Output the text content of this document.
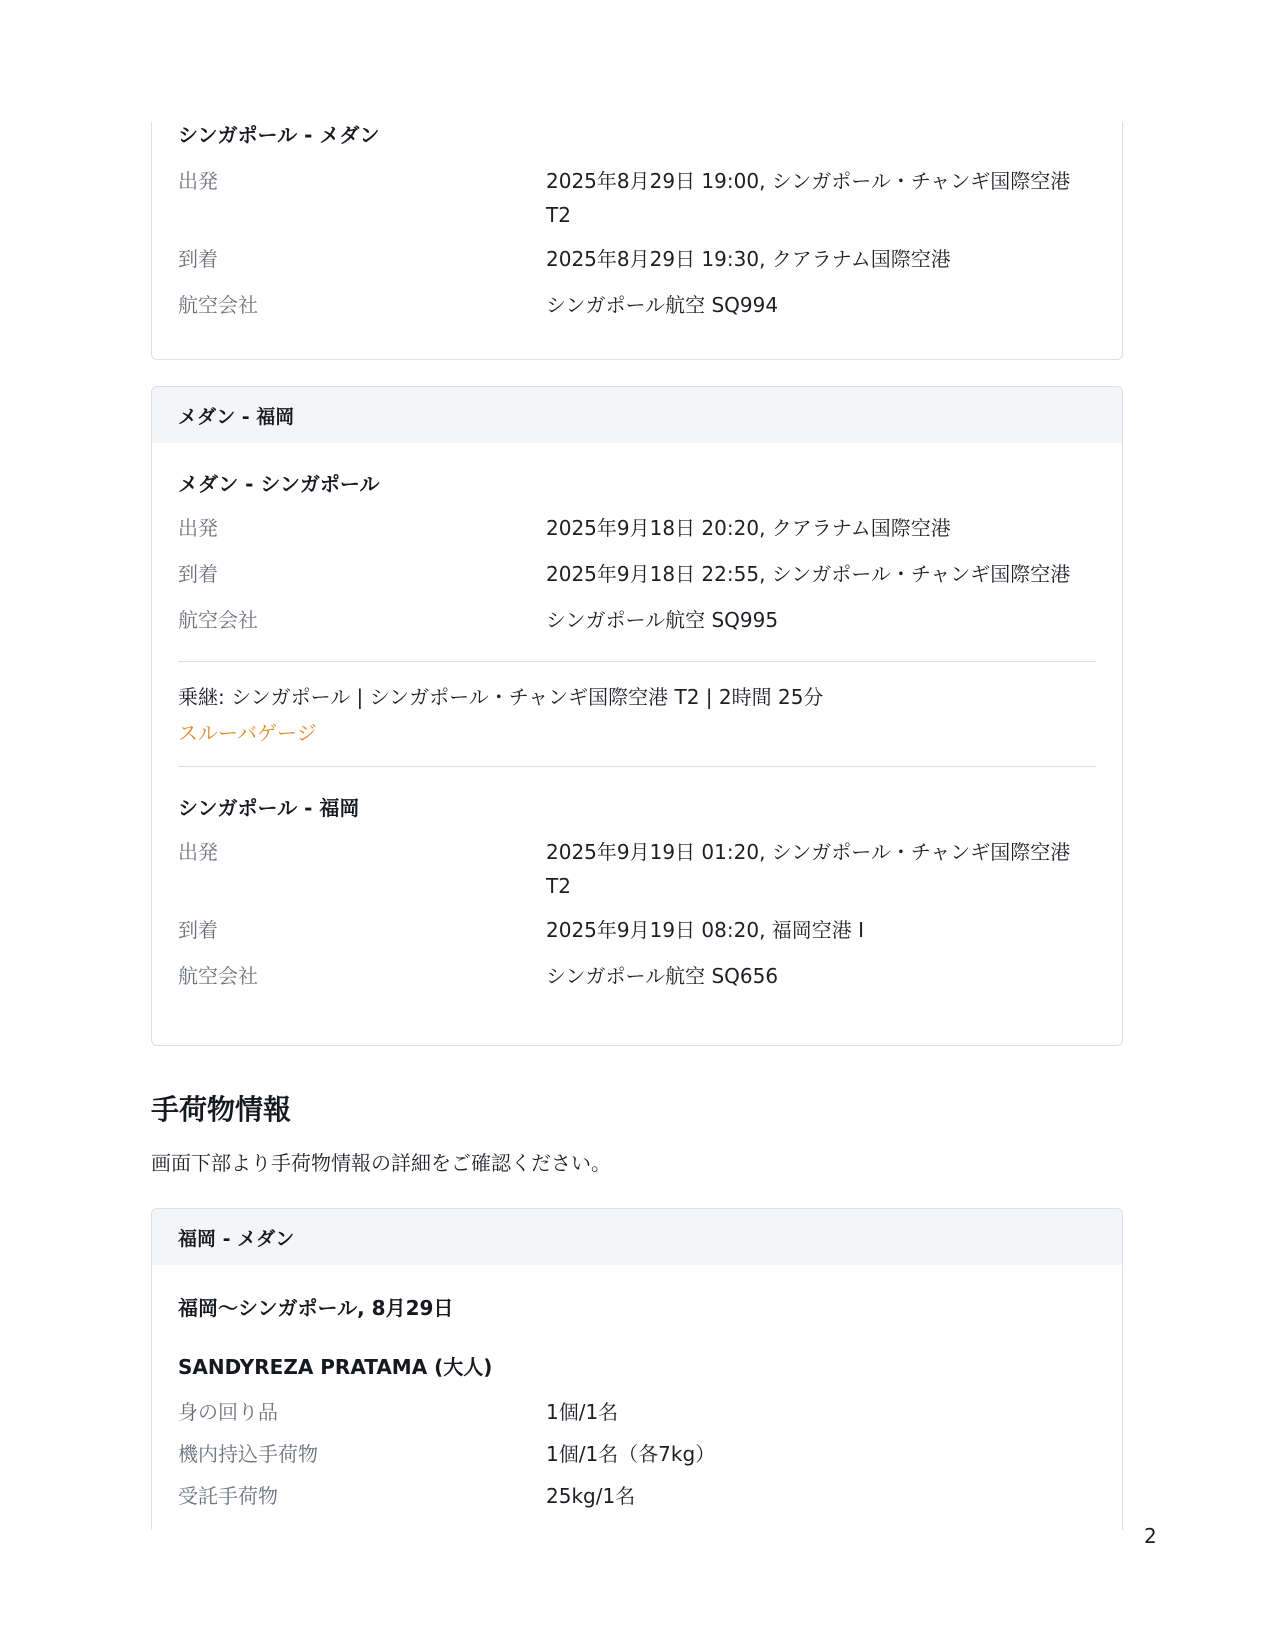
シンガポール - メダン
出発	2025年8月29日 19:00, シンガポール・チャンギ国際空港 T2
到着	2025年8月29日 19:30, クアラナム国際空港
航空会社	シンガポール航空 SQ994
メダン - 福岡
メダン - シンガポール
出発	2025年9月18日 20:20, クアラナム国際空港
到着	2025年9月18日 22:55, シンガポール・チャンギ国際空港
航空会社	シンガポール航空 SQ995
乗継: シンガポール | シンガポール・チャンギ国際空港 T2 | 2時間 25分
スルーバゲージ
シンガポール - 福岡
出発	2025年9月19日 01:20, シンガポール・チャンギ国際空港 T2
到着	2025年9月19日 08:20, 福岡空港 I
航空会社	シンガポール航空 SQ656
手荷物情報
画面下部より手荷物情報の詳細をご確認ください。
福岡 - メダン
福岡〜シンガポール, 8月29日
SANDYREZA PRATAMA (大人)
身の回り品	1個/1名
機内持込手荷物	1個/1名（各7kg）
受託手荷物	25kg/1名
2
